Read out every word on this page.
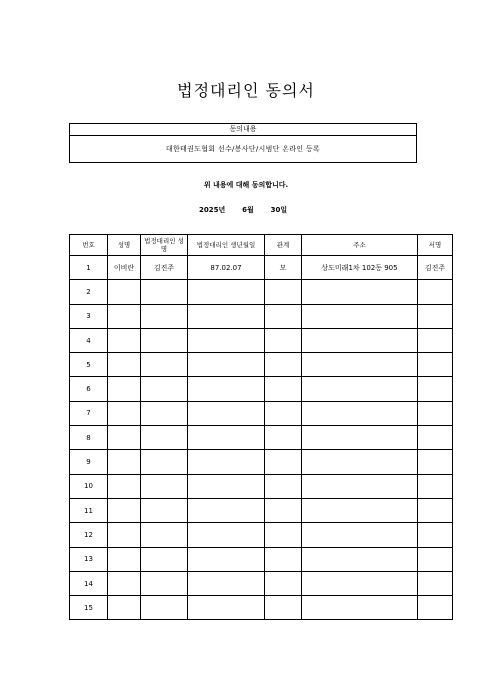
법정대리인 동의서
동의내용
대한태권도협회 선수/봉사단/시범단 온라인 등록
위 내용에 대해 동의합니다.
2025년 6월 30일
번호	성명	법정대리인 성명	법정대리인 생년월일	관계	주소	서명
1	이비란	김진주	87.02.07	모	상도미래1차 102동 905	김진주
2						
3						
4						
5						
6						
7						
8						
9						
10						
11						
12						
13						
14						
15						
